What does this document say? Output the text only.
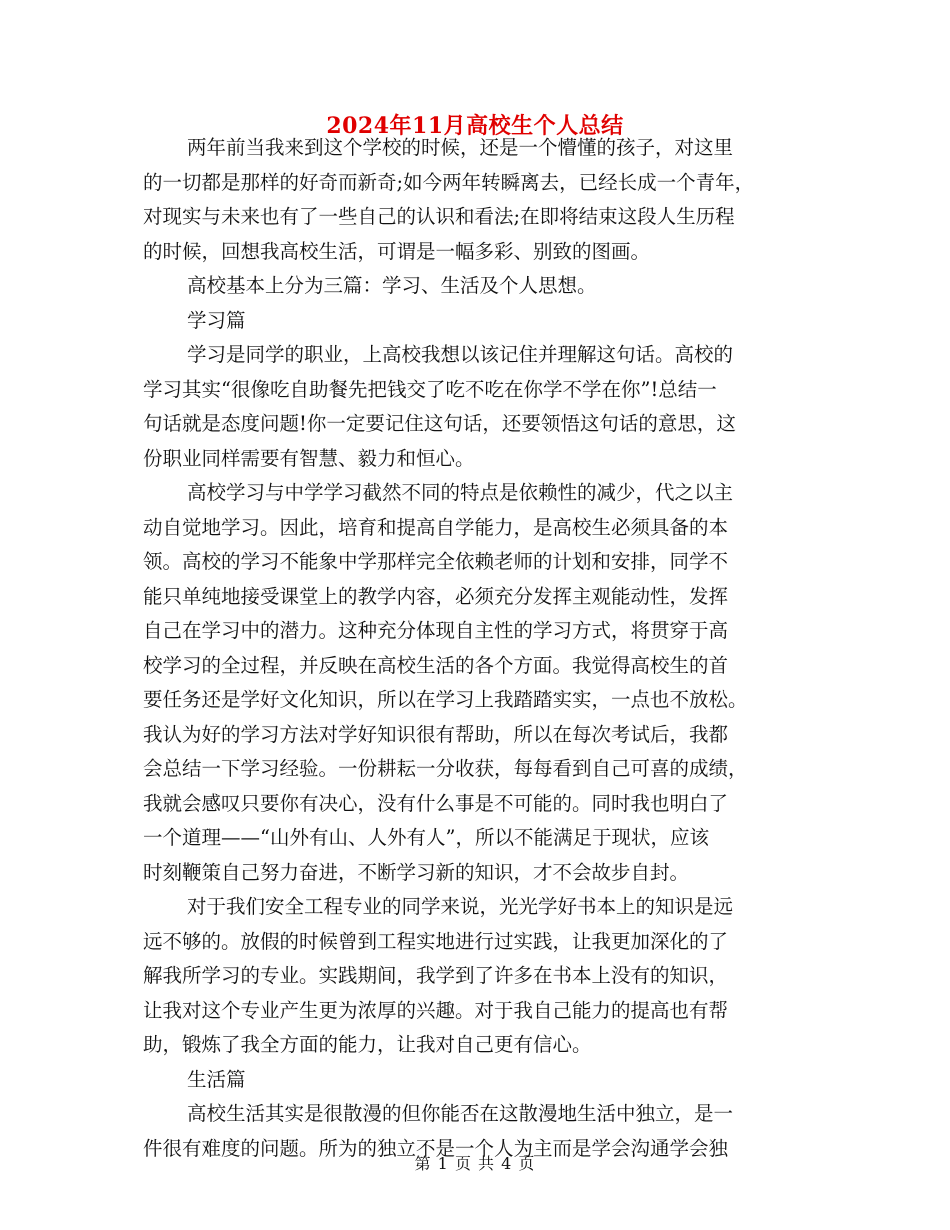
2024年11月高校生个人总结
两年前当我来到这个学校的时候，还是一个懵懂的孩子，对这里
的一切都是那样的好奇而新奇;如今两年转瞬离去，已经长成一个青年，
对现实与未来也有了一些自己的认识和看法;在即将结束这段人生历程
的时候，回想我高校生活，可谓是一幅多彩、别致的图画。
高校基本上分为三篇：学习、生活及个人思想。
学习篇
学习是同学的职业，上高校我想以该记住并理解这句话。高校的
学习其实“很像吃自助餐先把钱交了吃不吃在你学不学在你”!总结一
句话就是态度问题!你一定要记住这句话，还要领悟这句话的意思，这
份职业同样需要有智慧、毅力和恒心。
高校学习与中学学习截然不同的特点是依赖性的减少，代之以主
动自觉地学习。因此，培育和提高自学能力，是高校生必须具备的本
领。高校的学习不能象中学那样完全依赖老师的计划和安排，同学不
能只单纯地接受课堂上的教学内容，必须充分发挥主观能动性，发挥
自己在学习中的潜力。这种充分体现自主性的学习方式，将贯穿于高
校学习的全过程，并反映在高校生活的各个方面。我觉得高校生的首
要任务还是学好文化知识，所以在学习上我踏踏实实，一点也不放松。
我认为好的学习方法对学好知识很有帮助，所以在每次考试后，我都
会总结一下学习经验。一份耕耘一分收获，每每看到自己可喜的成绩，
我就会感叹只要你有决心，没有什么事是不可能的。同时我也明白了
一个道理——“山外有山、人外有人”，所以不能满足于现状，应该
时刻鞭策自己努力奋进，不断学习新的知识，才不会故步自封。
对于我们安全工程专业的同学来说，光光学好书本上的知识是远
远不够的。放假的时候曾到工程实地进行过实践，让我更加深化的了
解我所学习的专业。实践期间，我学到了许多在书本上没有的知识，
让我对这个专业产生更为浓厚的兴趣。对于我自己能力的提高也有帮
助，锻炼了我全方面的能力，让我对自己更有信心。
生活篇
高校生活其实是很散漫的但你能否在这散漫地生活中独立，是一
件很有难度的问题。所为的独立不是一个人为主而是学会沟通学会独
第 1 页 共 4 页
